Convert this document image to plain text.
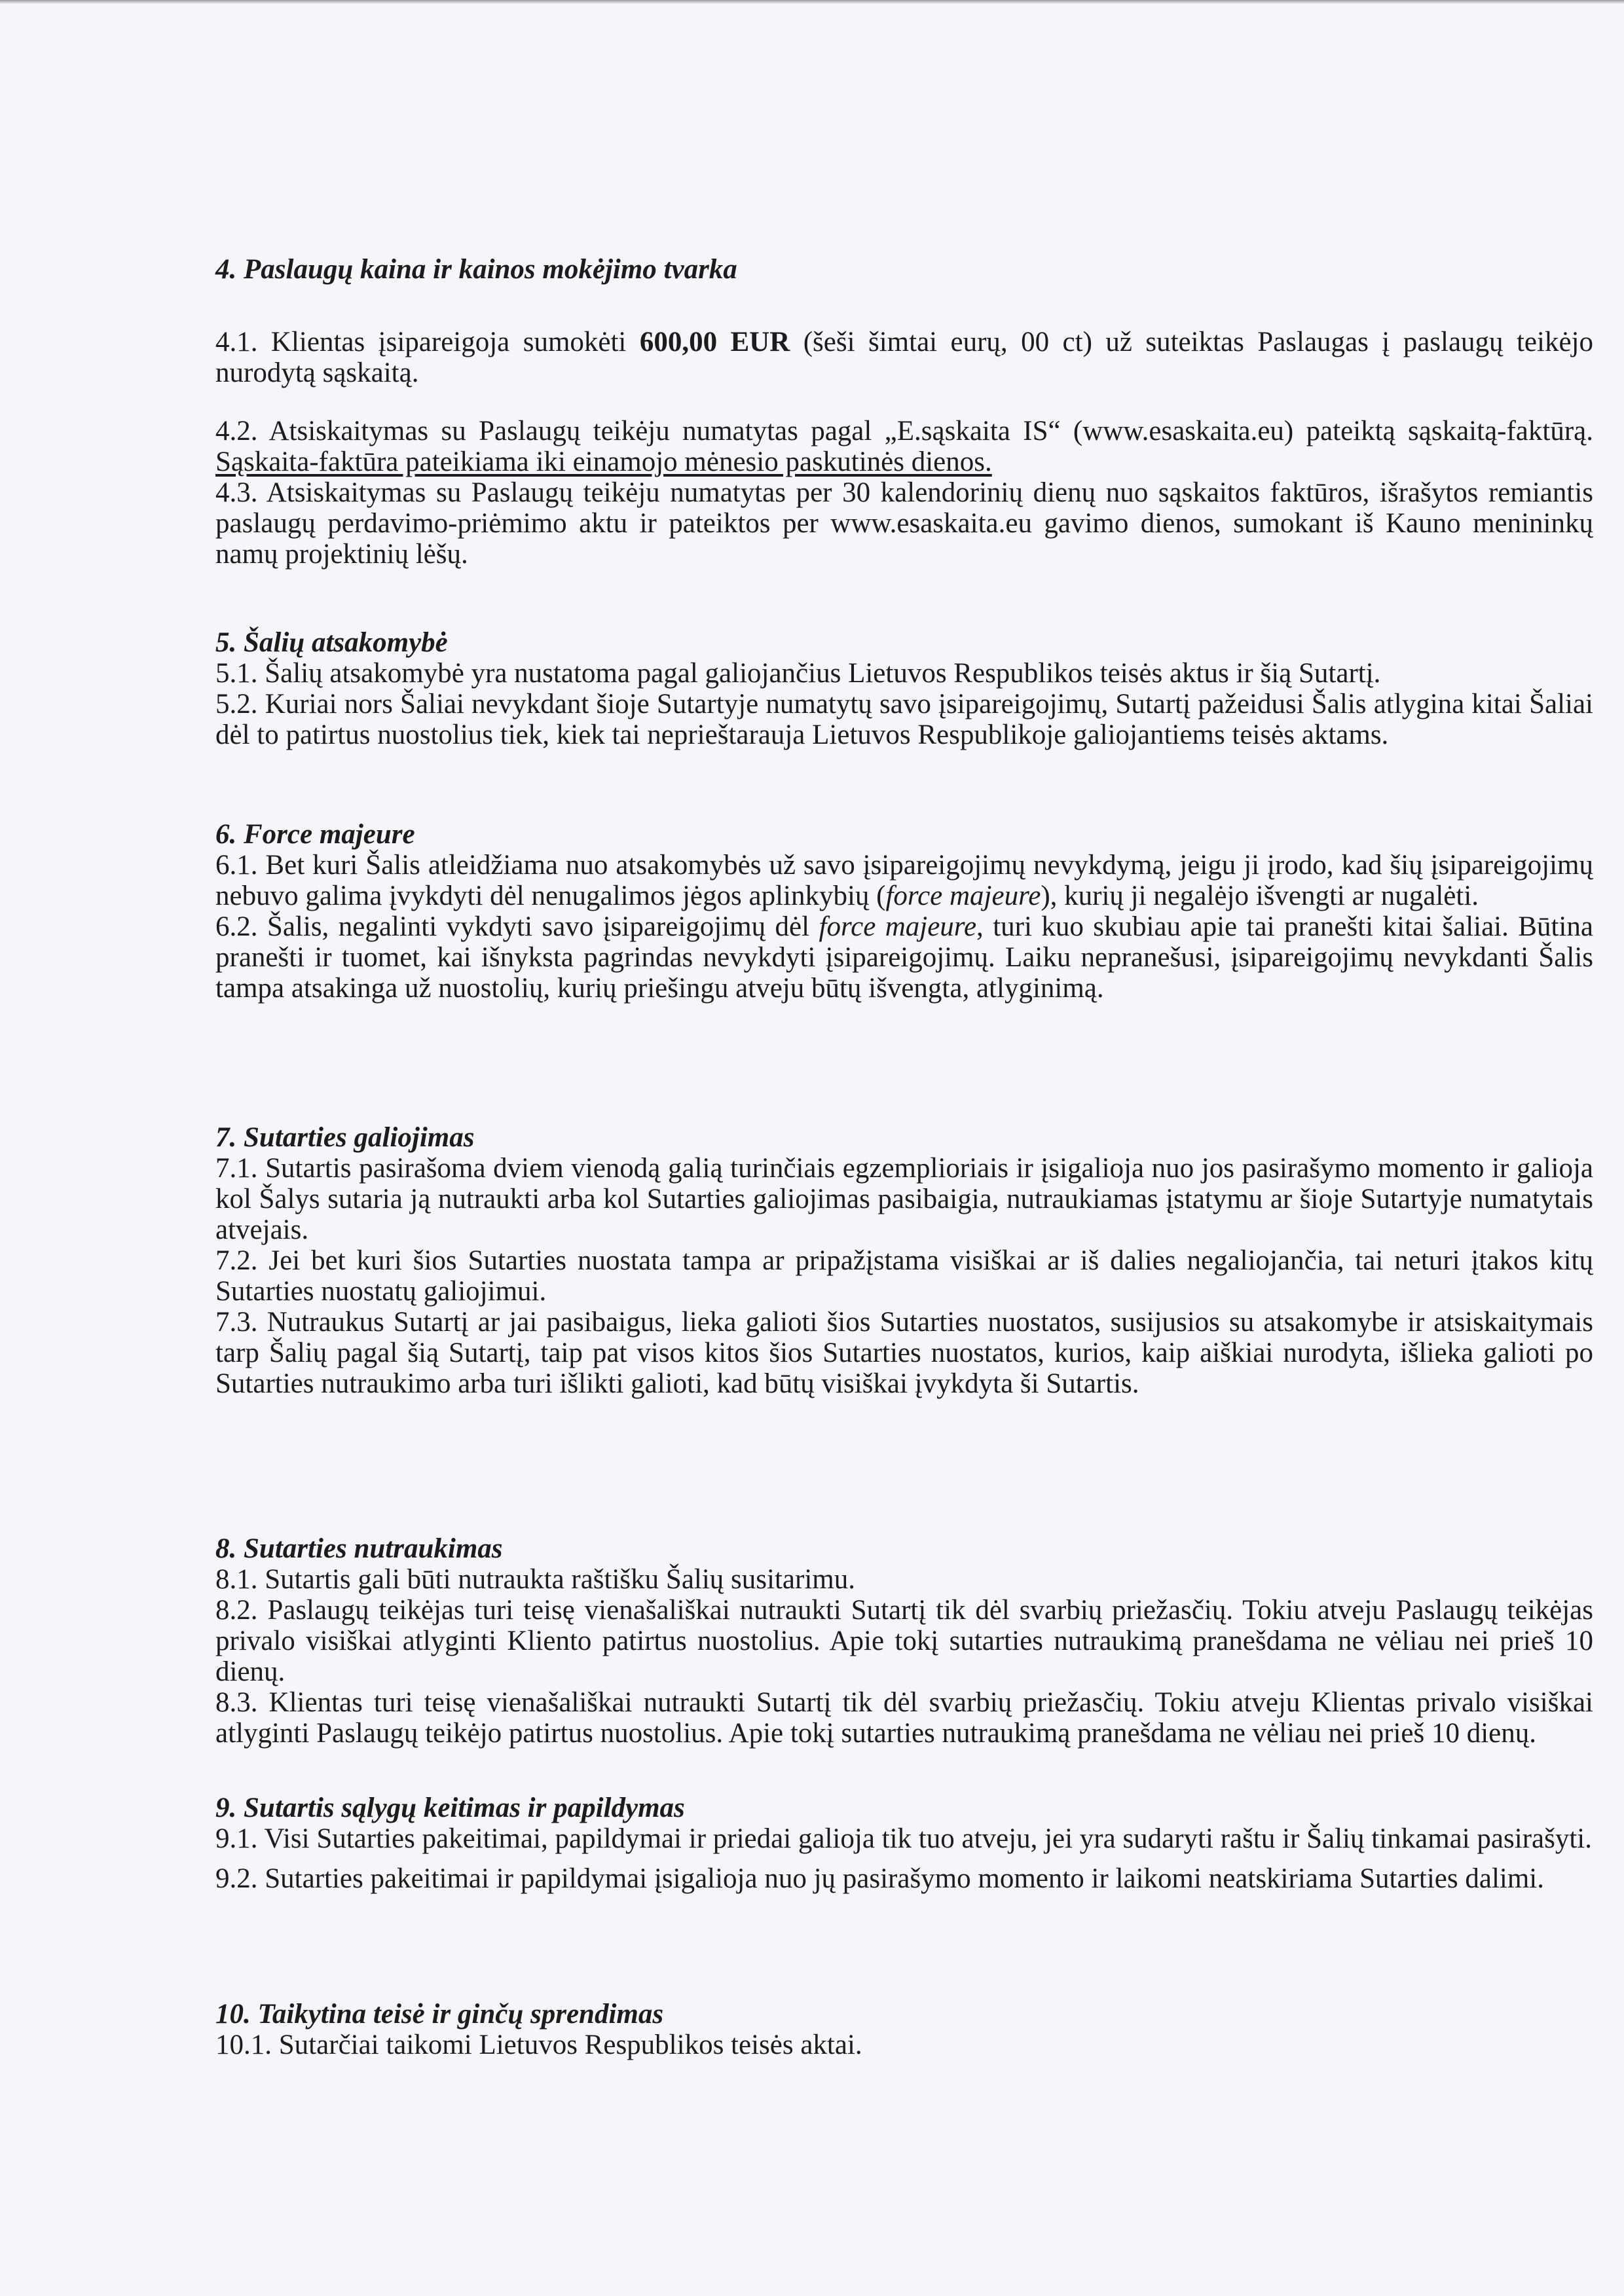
4. Paslaugų kaina ir kainos mokėjimo tvarka

4.1. Klientas įsipareigoja sumokėti 600,00 EUR (šeši šimtai eurų, 00 ct) už suteiktas Paslaugas į paslaugų teikėjo nurodytą sąskaitą.

4.2. Atsiskaitymas su Paslaugų teikėju numatytas pagal „E.sąskaita IS“ (www.esaskaita.eu) pateiktą sąskaitą-faktūrą. Sąskaita-faktūra pateikiama iki einamojo mėnesio paskutinės dienos.

4.3. Atsiskaitymas su Paslaugų teikėju numatytas per 30 kalendorinių dienų nuo sąskaitos faktūros, išrašytos remiantis paslaugų perdavimo-priėmimo aktu ir pateiktos per www.esaskaita.eu gavimo dienos, sumokant iš Kauno menininkų namų projektinių lėšų.

5. Šalių atsakomybė

5.1. Šalių atsakomybė yra nustatoma pagal galiojančius Lietuvos Respublikos teisės aktus ir šią Sutartį.

5.2. Kuriai nors Šaliai nevykdant šioje Sutartyje numatytų savo įsipareigojimų, Sutartį pažeidusi Šalis atlygina kitai Šaliai dėl to patirtus nuostolius tiek, kiek tai neprieštarauja Lietuvos Respublikoje galiojantiems teisės aktams.

6. Force majeure

6.1. Bet kuri Šalis atleidžiama nuo atsakomybės už savo įsipareigojimų nevykdymą, jeigu ji įrodo, kad šių įsipareigojimų nebuvo galima įvykdyti dėl nenugalimos jėgos aplinkybių (force majeure), kurių ji negalėjo išvengti ar nugalėti.

6.2. Šalis, negalinti vykdyti savo įsipareigojimų dėl force majeure, turi kuo skubiau apie tai pranešti kitai šaliai. Būtina pranešti ir tuomet, kai išnyksta pagrindas nevykdyti įsipareigojimų. Laiku nepranešusi, įsipareigojimų nevykdanti Šalis tampa atsakinga už nuostolių, kurių priešingu atveju būtų išvengta, atlyginimą.

7. Sutarties galiojimas

7.1. Sutartis pasirašoma dviem vienodą galią turinčiais egzemplioriais ir įsigalioja nuo jos pasirašymo momento ir galioja kol Šalys sutaria ją nutraukti arba kol Sutarties galiojimas pasibaigia, nutraukiamas įstatymu ar šioje Sutartyje numatytais atvejais.

7.2. Jei bet kuri šios Sutarties nuostata tampa ar pripažįstama visiškai ar iš dalies negaliojančia, tai neturi įtakos kitų Sutarties nuostatų galiojimui.

7.3. Nutraukus Sutartį ar jai pasibaigus, lieka galioti šios Sutarties nuostatos, susijusios su atsakomybe ir atsiskaitymais tarp Šalių pagal šią Sutartį, taip pat visos kitos šios Sutarties nuostatos, kurios, kaip aiškiai nurodyta, išlieka galioti po Sutarties nutraukimo arba turi išlikti galioti, kad būtų visiškai įvykdyta ši Sutartis.

8. Sutarties nutraukimas

8.1. Sutartis gali būti nutraukta raštišku Šalių susitarimu.

8.2. Paslaugų teikėjas turi teisę vienašališkai nutraukti Sutartį tik dėl svarbių priežasčių. Tokiu atveju Paslaugų teikėjas privalo visiškai atlyginti Kliento patirtus nuostolius. Apie tokį sutarties nutraukimą pranešdama ne vėliau nei prieš 10 dienų.

8.3. Klientas turi teisę vienašališkai nutraukti Sutartį tik dėl svarbių priežasčių. Tokiu atveju Klientas privalo visiškai atlyginti Paslaugų teikėjo patirtus nuostolius. Apie tokį sutarties nutraukimą pranešdama ne vėliau nei prieš 10 dienų.

9. Sutartis sąlygų keitimas ir papildymas

9.1. Visi Sutarties pakeitimai, papildymai ir priedai galioja tik tuo atveju, jei yra sudaryti raštu ir Šalių tinkamai pasirašyti.

9.2. Sutarties pakeitimai ir papildymai įsigalioja nuo jų pasirašymo momento ir laikomi neatskiriama Sutarties dalimi.

10. Taikytina teisė ir ginčų sprendimas

10.1. Sutarčiai taikomi Lietuvos Respublikos teisės aktai.
